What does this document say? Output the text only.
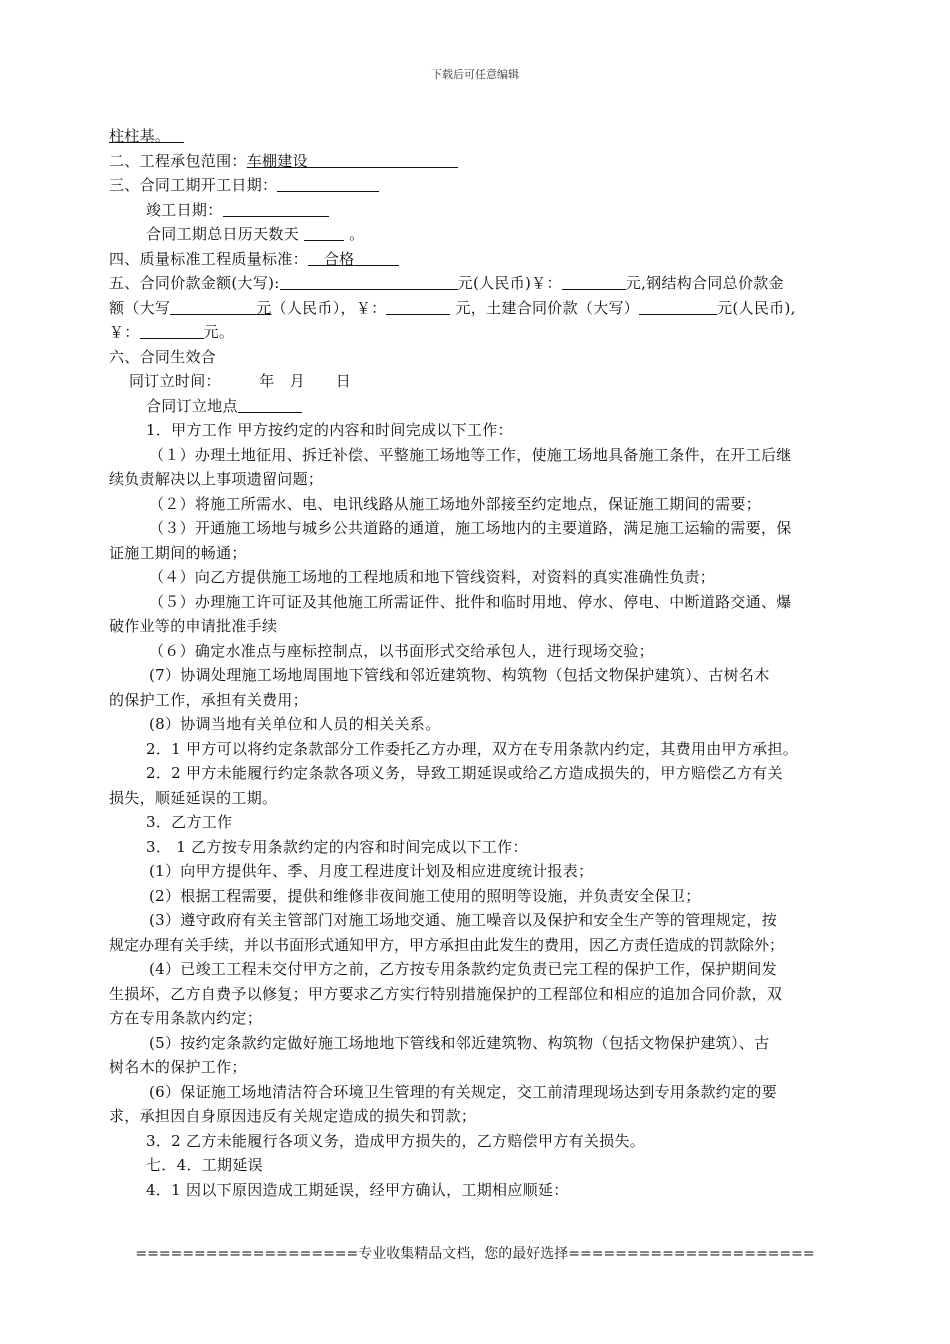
下载后可任意编辑
柱柱基。
二、工程承包范围：车棚建设
三、合同工期开工日期：
竣工日期：
合同工期总日历天数天	。
四、质量标准工程质量标准： 合格
五、合同价款金额(大写):	元(人民币)￥：	元,钢结构合同总价款金
额（大写	元（人民币），￥：	元，土建合同价款（大写）	元(人民币),
￥：	元。
六、合同生效合
同订立时间：　　　年　月　　日
合同订立地点
1．甲方工作 甲方按约定的内容和时间完成以下工作：
（１）办理土地征用、拆迁补偿、平整施工场地等工作，使施工场地具备施工条件，在开工后继
续负责解决以上事项遗留问题；
（２）将施工所需水、电、电讯线路从施工场地外部接至约定地点，保证施工期间的需要；
（３）开通施工场地与城乡公共道路的通道，施工场地内的主要道路，满足施工运输的需要，保
证施工期间的畅通；
（４）向乙方提供施工场地的工程地质和地下管线资料，对资料的真实准确性负责；
（５）办理施工许可证及其他施工所需证件、批件和临时用地、停水、停电、中断道路交通、爆
破作业等的申请批准手续
（６）确定水准点与座标控制点，以书面形式交给承包人，进行现场交验；
(7）协调处理施工场地周围地下管线和邻近建筑物、构筑物（包括文物保护建筑）、古树名木
的保护工作，承担有关费用；
(8）协调当地有关单位和人员的相关关系。
2．1 甲方可以将约定条款部分工作委托乙方办理，双方在专用条款内约定，其费用由甲方承担。
2．2 甲方未能履行约定条款各项义务，导致工期延误或给乙方造成损失的，甲方赔偿乙方有关
损失，顺延延误的工期。
3．乙方工作
3． 1 乙方按专用条款约定的内容和时间完成以下工作：
(1）向甲方提供年、季、月度工程进度计划及相应进度统计报表；
(2）根据工程需要，提供和维修非夜间施工使用的照明等设施，并负责安全保卫；
(3）遵守政府有关主管部门对施工场地交通、施工噪音以及保护和安全生产等的管理规定，按
规定办理有关手续，并以书面形式通知甲方，甲方承担由此发生的费用，因乙方责任造成的罚款除外；
(4）已竣工工程未交付甲方之前，乙方按专用条款约定负责已完工程的保护工作，保护期间发
生损坏，乙方自费予以修复；甲方要求乙方实行特别措施保护的工程部位和相应的追加合同价款，双
方在专用条款内约定；
(5）按约定条款约定做好施工场地地下管线和邻近建筑物、构筑物（包括文物保护建筑）、古
树名木的保护工作；
(6）保证施工场地清洁符合环境卫生管理的有关规定，交工前清理现场达到专用条款约定的要
求，承担因自身原因违反有关规定造成的损失和罚款；
3．2 乙方未能履行各项义务，造成甲方损失的，乙方赔偿甲方有关损失。
七．4．工期延误
4．1 因以下原因造成工期延误，经甲方确认，工期相应顺延：
===================专业收集精品文档，您的最好选择=====================
